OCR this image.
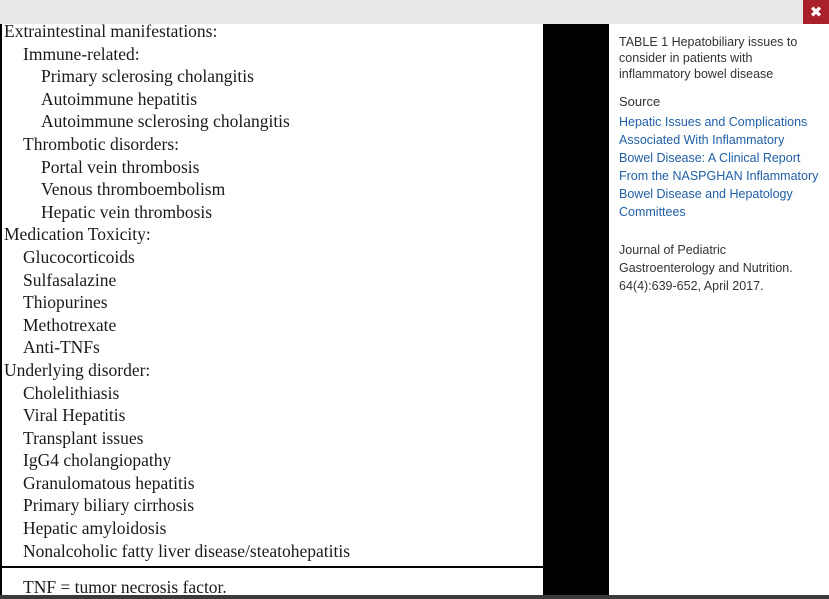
✖
Extraintestinal manifestations:
Immune-related:
Primary sclerosing cholangitis
Autoimmune hepatitis
Autoimmune sclerosing cholangitis
Thrombotic disorders:
Portal vein thrombosis
Venous thromboembolism
Hepatic vein thrombosis
Medication Toxicity:
Glucocorticoids
Sulfasalazine
Thiopurines
Methotrexate
Anti-TNFs
Underlying disorder:
Cholelithiasis
Viral Hepatitis
Transplant issues
IgG4 cholangiopathy
Granulomatous hepatitis
Primary biliary cirrhosis
Hepatic amyloidosis
Nonalcoholic fatty liver disease/steatohepatitis
TNF = tumor necrosis factor.

TABLE 1 Hepatobiliary issues to consider in patients with inflammatory bowel disease

Source

Hepatic Issues and Complications Associated With Inflammatory Bowel Disease: A Clinical Report From the NASPGHAN Inflammatory Bowel Disease and Hepatology Committees

Journal of Pediatric Gastroenterology and Nutrition. 64(4):639-652, April 2017.
